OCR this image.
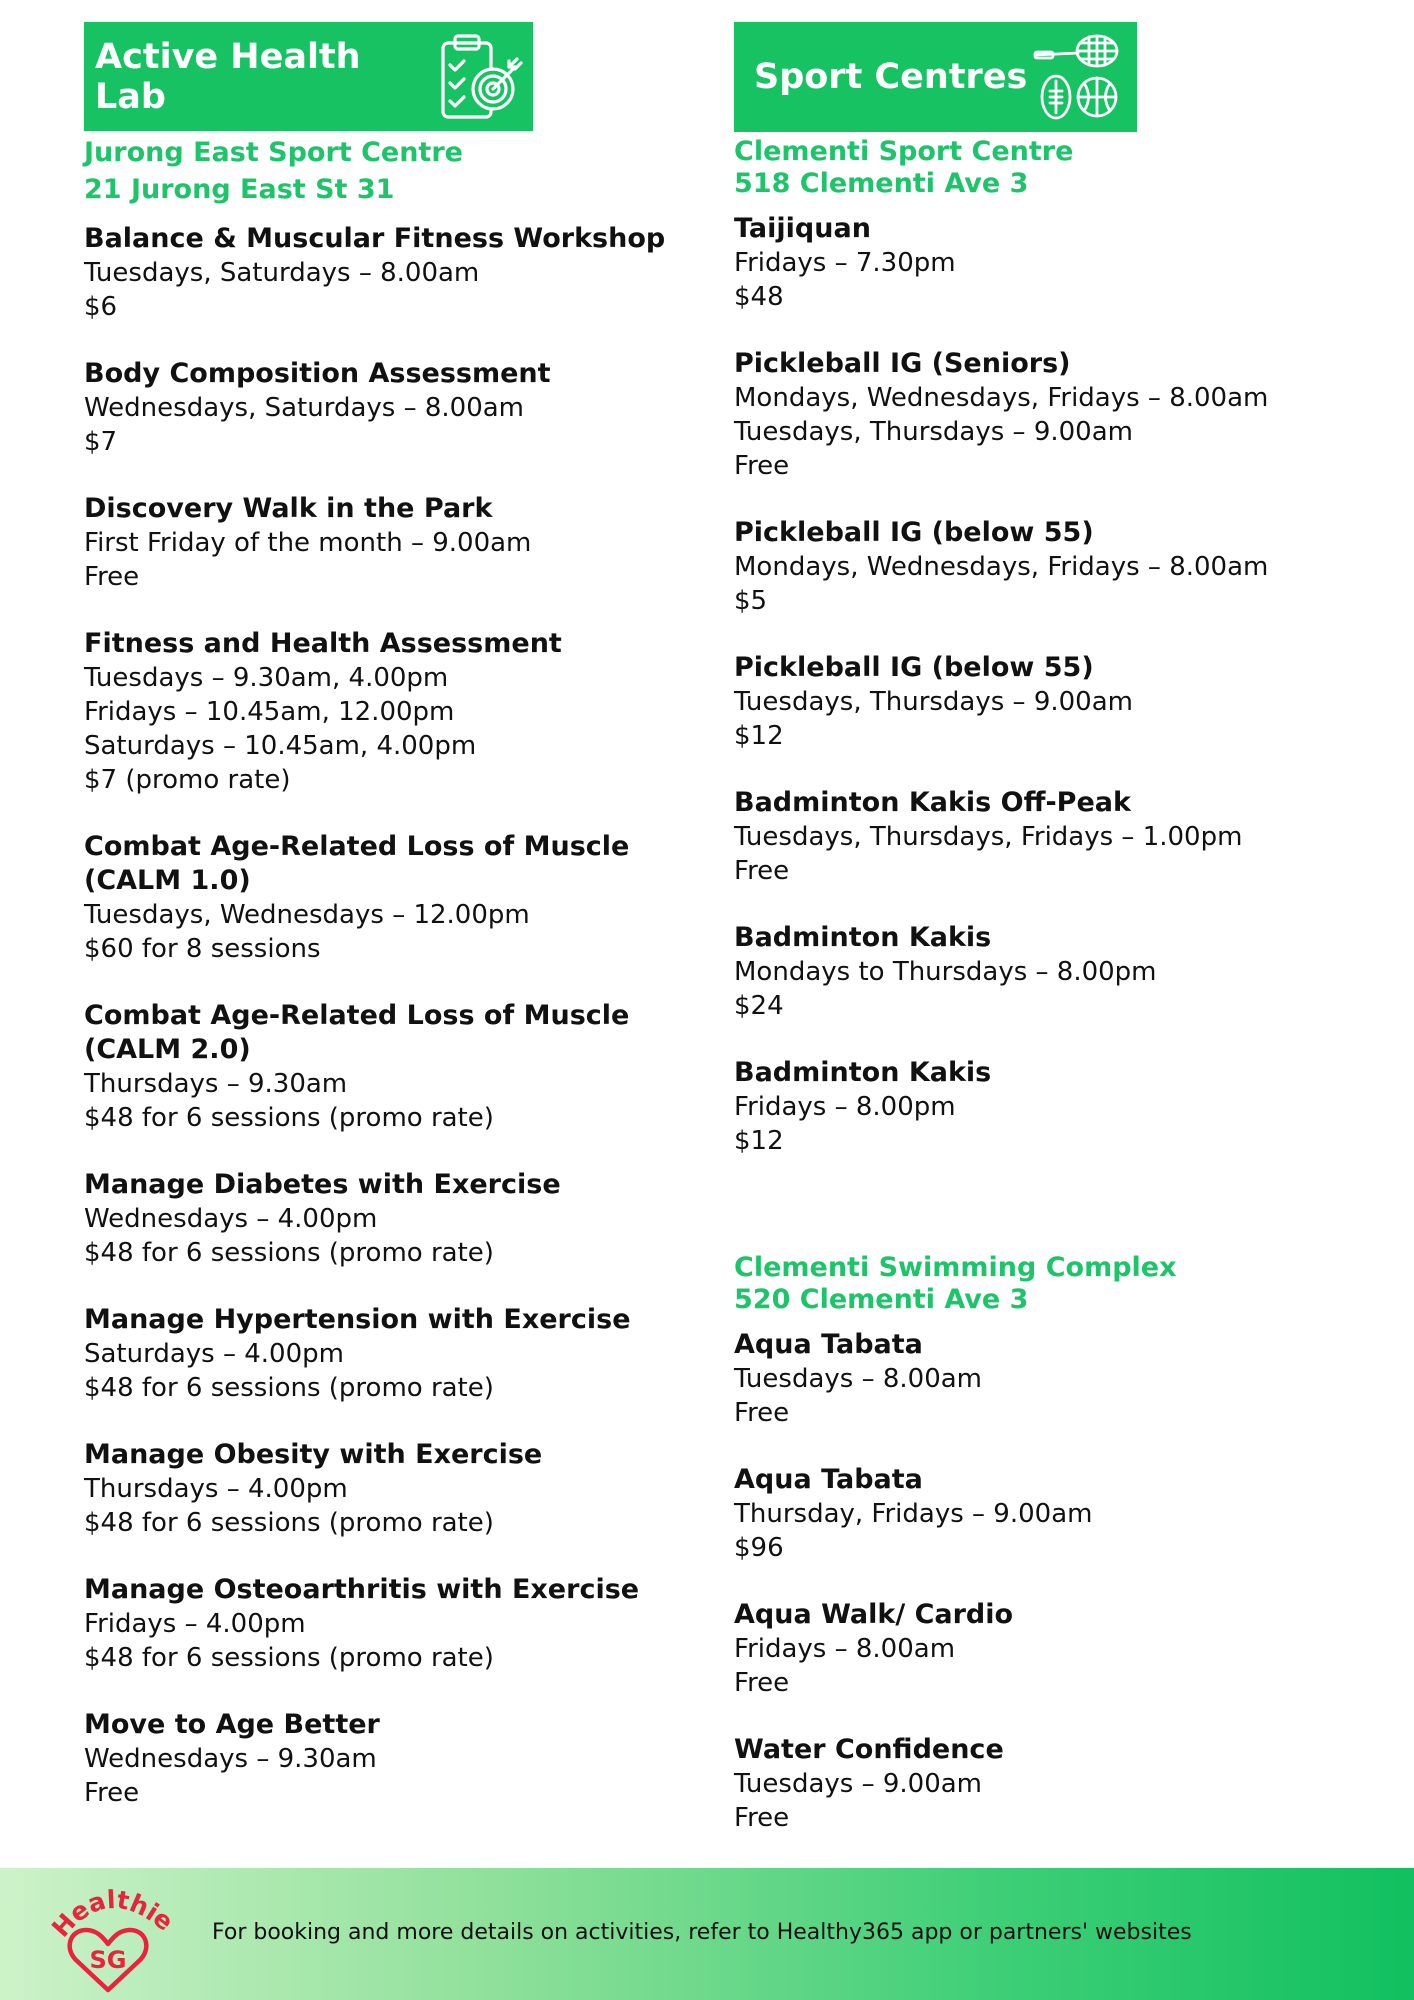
Active Health Lab
Jurong East Sport Centre
21 Jurong East St 31
Balance & Muscular Fitness Workshop
Tuesdays, Saturdays – 8.00am
$6
Body Composition Assessment
Wednesdays, Saturdays – 8.00am
$7
Discovery Walk in the Park
First Friday of the month – 9.00am
Free
Fitness and Health Assessment
Tuesdays – 9.30am, 4.00pm
Fridays – 10.45am, 12.00pm
Saturdays – 10.45am, 4.00pm
$7 (promo rate)
Combat Age-Related Loss of Muscle (CALM 1.0)
Tuesdays, Wednesdays – 12.00pm
$60 for 8 sessions
Combat Age-Related Loss of Muscle (CALM 2.0)
Thursdays – 9.30am
$48 for 6 sessions (promo rate)
Manage Diabetes with Exercise
Wednesdays – 4.00pm
$48 for 6 sessions (promo rate)
Manage Hypertension with Exercise
Saturdays – 4.00pm
$48 for 6 sessions (promo rate)
Manage Obesity with Exercise
Thursdays – 4.00pm
$48 for 6 sessions (promo rate)
Manage Osteoarthritis with Exercise
Fridays – 4.00pm
$48 for 6 sessions (promo rate)
Move to Age Better
Wednesdays – 9.30am
Free
Sport Centres
Clementi Sport Centre
518 Clementi Ave 3
Taijiquan
Fridays – 7.30pm
$48
Pickleball IG (Seniors)
Mondays, Wednesdays, Fridays – 8.00am
Tuesdays, Thursdays – 9.00am
Free
Pickleball IG (below 55)
Mondays, Wednesdays, Fridays – 8.00am
$5
Pickleball IG (below 55)
Tuesdays, Thursdays – 9.00am
$12
Badminton Kakis Off-Peak
Tuesdays, Thursdays, Fridays – 1.00pm
Free
Badminton Kakis
Mondays to Thursdays – 8.00pm
$24
Badminton Kakis
Fridays – 8.00pm
$12
Clementi Swimming Complex
520 Clementi Ave 3
Aqua Tabata
Tuesdays – 8.00am
Free
Aqua Tabata
Thursday, Fridays – 9.00am
$96
Aqua Walk/ Cardio
Fridays – 8.00am
Free
Water Confidence
Tuesdays – 9.00am
Free
Healthie
SG
For booking and more details on activities, refer to Healthy365 app or partners' websites
